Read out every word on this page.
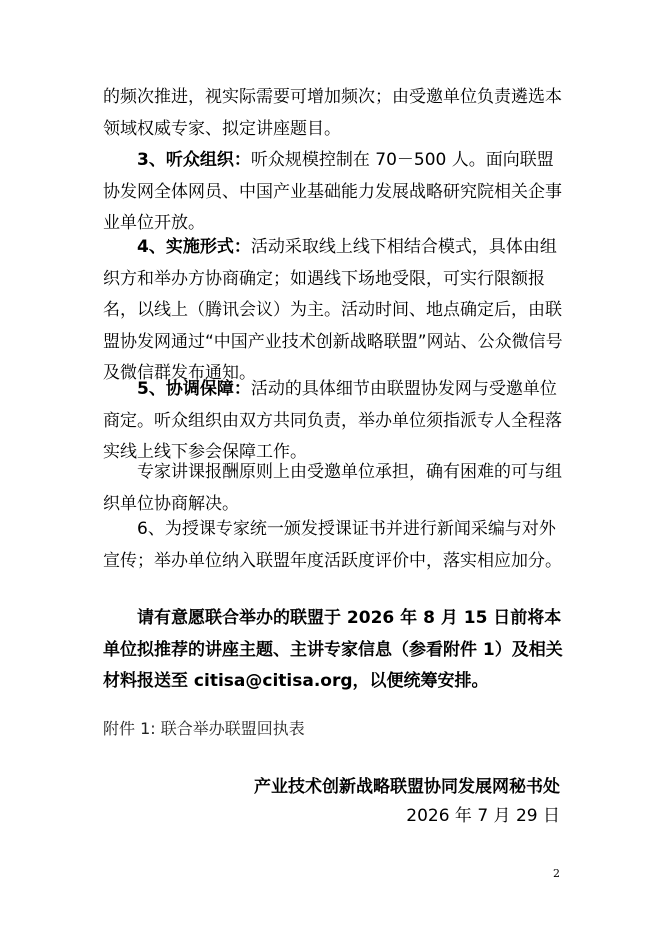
的频次推进，视实际需要可增加频次；由受邀单位负责遴选本领域权威专家、拟定讲座题目。

3、听众组织：听众规模控制在 70－500 人。面向联盟协发网全体网员、中国产业基础能力发展战略研究院相关企事业单位开放。

4、实施形式：活动采取线上线下相结合模式，具体由组织方和举办方协商确定；如遇线下场地受限，可实行限额报名，以线上（腾讯会议）为主。活动时间、地点确定后，由联盟协发网通过“中国产业技术创新战略联盟”网站、公众微信号及微信群发布通知。

5、协调保障：活动的具体细节由联盟协发网与受邀单位商定。听众组织由双方共同负责，举办单位须指派专人全程落实线上线下参会保障工作。

专家讲课报酬原则上由受邀单位承担，确有困难的可与组织单位协商解决。

6、为授课专家统一颁发授课证书并进行新闻采编与对外宣传；举办单位纳入联盟年度活跃度评价中，落实相应加分。

请有意愿联合举办的联盟于 2026 年 8 月 15 日前将本单位拟推荐的讲座主题、主讲专家信息（参看附件 1）及相关材料报送至 citisa@citisa.org，以便统筹安排。

附件 1: 联合举办联盟回执表
产业技术创新战略联盟协同发展网秘书处
2026 年 7 月 29 日
2
